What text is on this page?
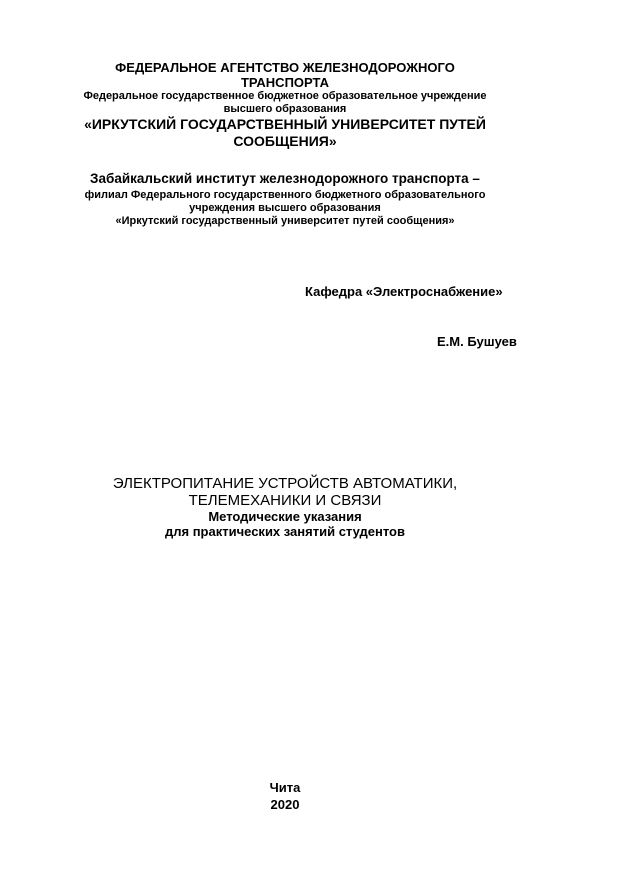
ФЕДЕРАЛЬНОЕ АГЕНТСТВО ЖЕЛЕЗНОДОРОЖНОГО
ТРАНСПОРТА
Федеральное государственное бюджетное образовательное учреждение
высшего образования
«ИРКУТСКИЙ ГОСУДАРСТВЕННЫЙ УНИВЕРСИТЕТ ПУТЕЙ
СООБЩЕНИЯ»
Забайкальский институт железнодорожного транспорта –
филиал Федерального государственного бюджетного образовательного
учреждения высшего образования
«Иркутский государственный университет путей сообщения»
Кафедра «Электроснабжение»
Е.М. Бушуев
ЭЛЕКТРОПИТАНИЕ УСТРОЙСТВ АВТОМАТИКИ,
ТЕЛЕМЕХАНИКИ И СВЯЗИ
Методические указания
для практических занятий студентов
Чита
2020
